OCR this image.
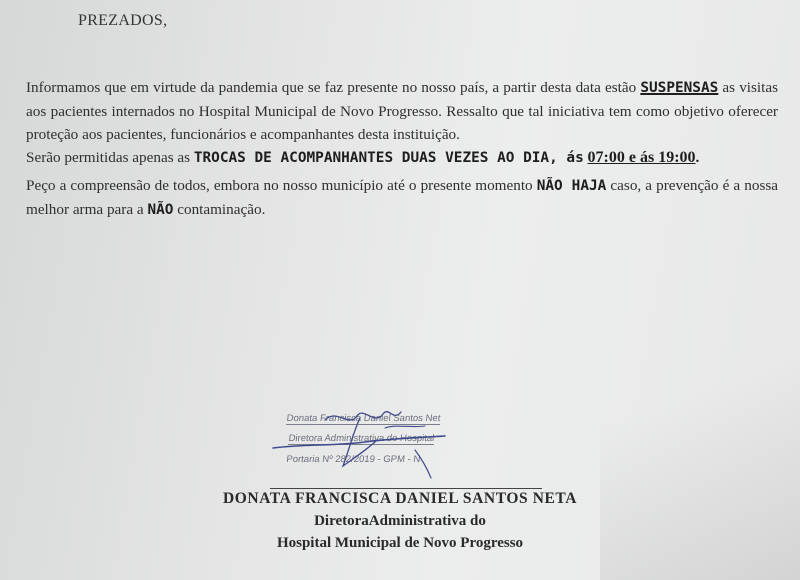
PREZADOS,

Informamos que em virtude da pandemia que se faz presente no nosso país, a partir desta data estão SUSPENSAS as visitas aos pacientes internados no Hospital Municipal de Novo Progresso. Ressalto que tal iniciativa tem como objetivo oferecer proteção aos pacientes, funcionários e acompanhantes desta instituição.

Serão permitidas apenas as TROCAS DE ACOMPANHANTES DUAS VEZES AO DIA, ás 07:00 e ás 19:00.

Peço a compreensão de todos, embora no nosso município até o presente momento NÃO HAJA caso, a prevenção é a nossa melhor arma para a NÃO contaminação.

Donata Francisca Daniel Santos Net
Diretora Administrativa do Hospital
Portaria Nº 282/2019 - GPM - N
DONATA FRANCISCA DANIEL SANTOS NETA
DiretoraAdministrativa do
Hospital Municipal de Novo Progresso
